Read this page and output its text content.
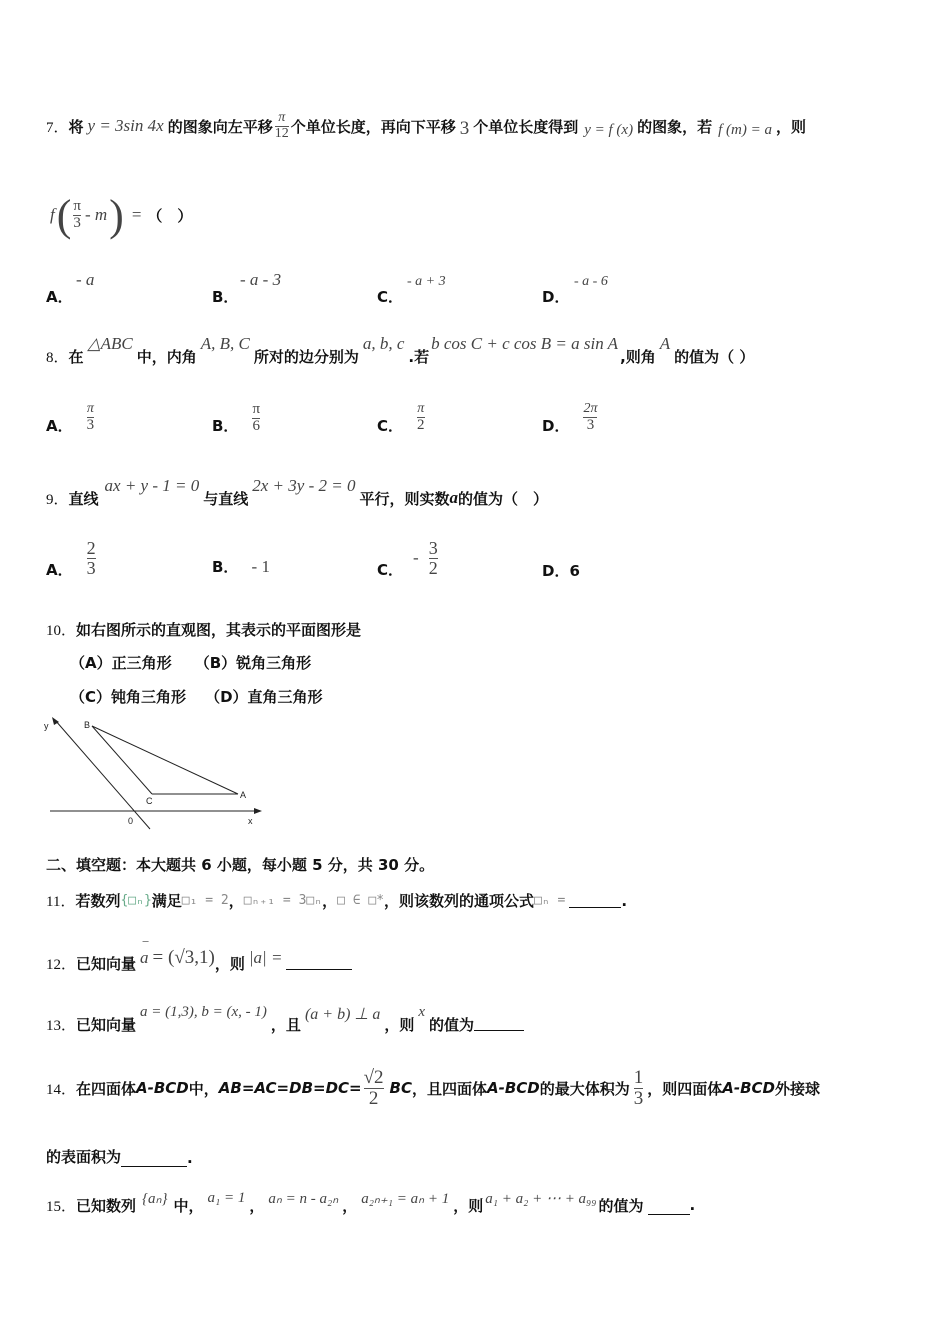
7． 将 y = 3sin 4x 的图象向左平移 $\frac{\pi}{12}$ 个单位长度，再向下平移 3 个单位长度得到 y = f (x) 的图象，若 f (m) = a ，则
f ( $\frac{\pi}{3}$ - m ) = （　）
A．
- a
B．
- a - 3
C．
- a + 3
D．
- a - 6
8． 在
△ABC
中，内角
A, B, C
所对的边分别为
a, b, c
.若
b cos C + c cos B = a sin A
,则角
A
的值为（ ）
A． $\frac{\pi}{3}$	B． $\frac{\pi}{6}$	C． $\frac{\pi}{2}$	D． $\frac{2\pi}{3}$
9． 直线
ax + y - 1 = 0
与直线
2x + 3y - 2 = 0
平行，则实数 a 的值为（　）
A． $\frac{2}{3}$	B． - 1	C．
- $\frac{3}{2}$	D．6
10．如右图所示的直观图，其表示的平面图形是
（A）正三角形 （B）锐角三角形
（C）钝角三角形 （D）直角三角形
y	B
C
A
0	x
二、填空题：本大题共 6 小题，每小题 5 分，共 30 分。
11． 若数列 {□ₙ} 满足 □₁ = 2 ， □ₙ₊₁ = 3□ₙ ， □ ∈ □* ，则该数列的通项公式 □ₙ =	.
12． 已知向量
−
a = (√3,1) ，则 |a| =
13． 已知向量
a = (1,3), b = (x, - 1)
，且
(a + b) ⊥ a
，则
x
的值为
14． 在四面体 A-BCD 中， $AB=AC=DB=DC= \frac{√2}{2}$ BC ，且四面体 A-BCD 的最大体积为 $\frac{1}{3}$ ，则四面体 A-BCD 外接球
的表面积为	.
15． 已知数列 {aₙ} 中， a₁ = 1 ， aₙ = n - a₂ₙ ， a₂ₙ₊₁ = aₙ + 1 ，则 a₁ + a₂ + ⋯ + a₉₉ 的值为	.
